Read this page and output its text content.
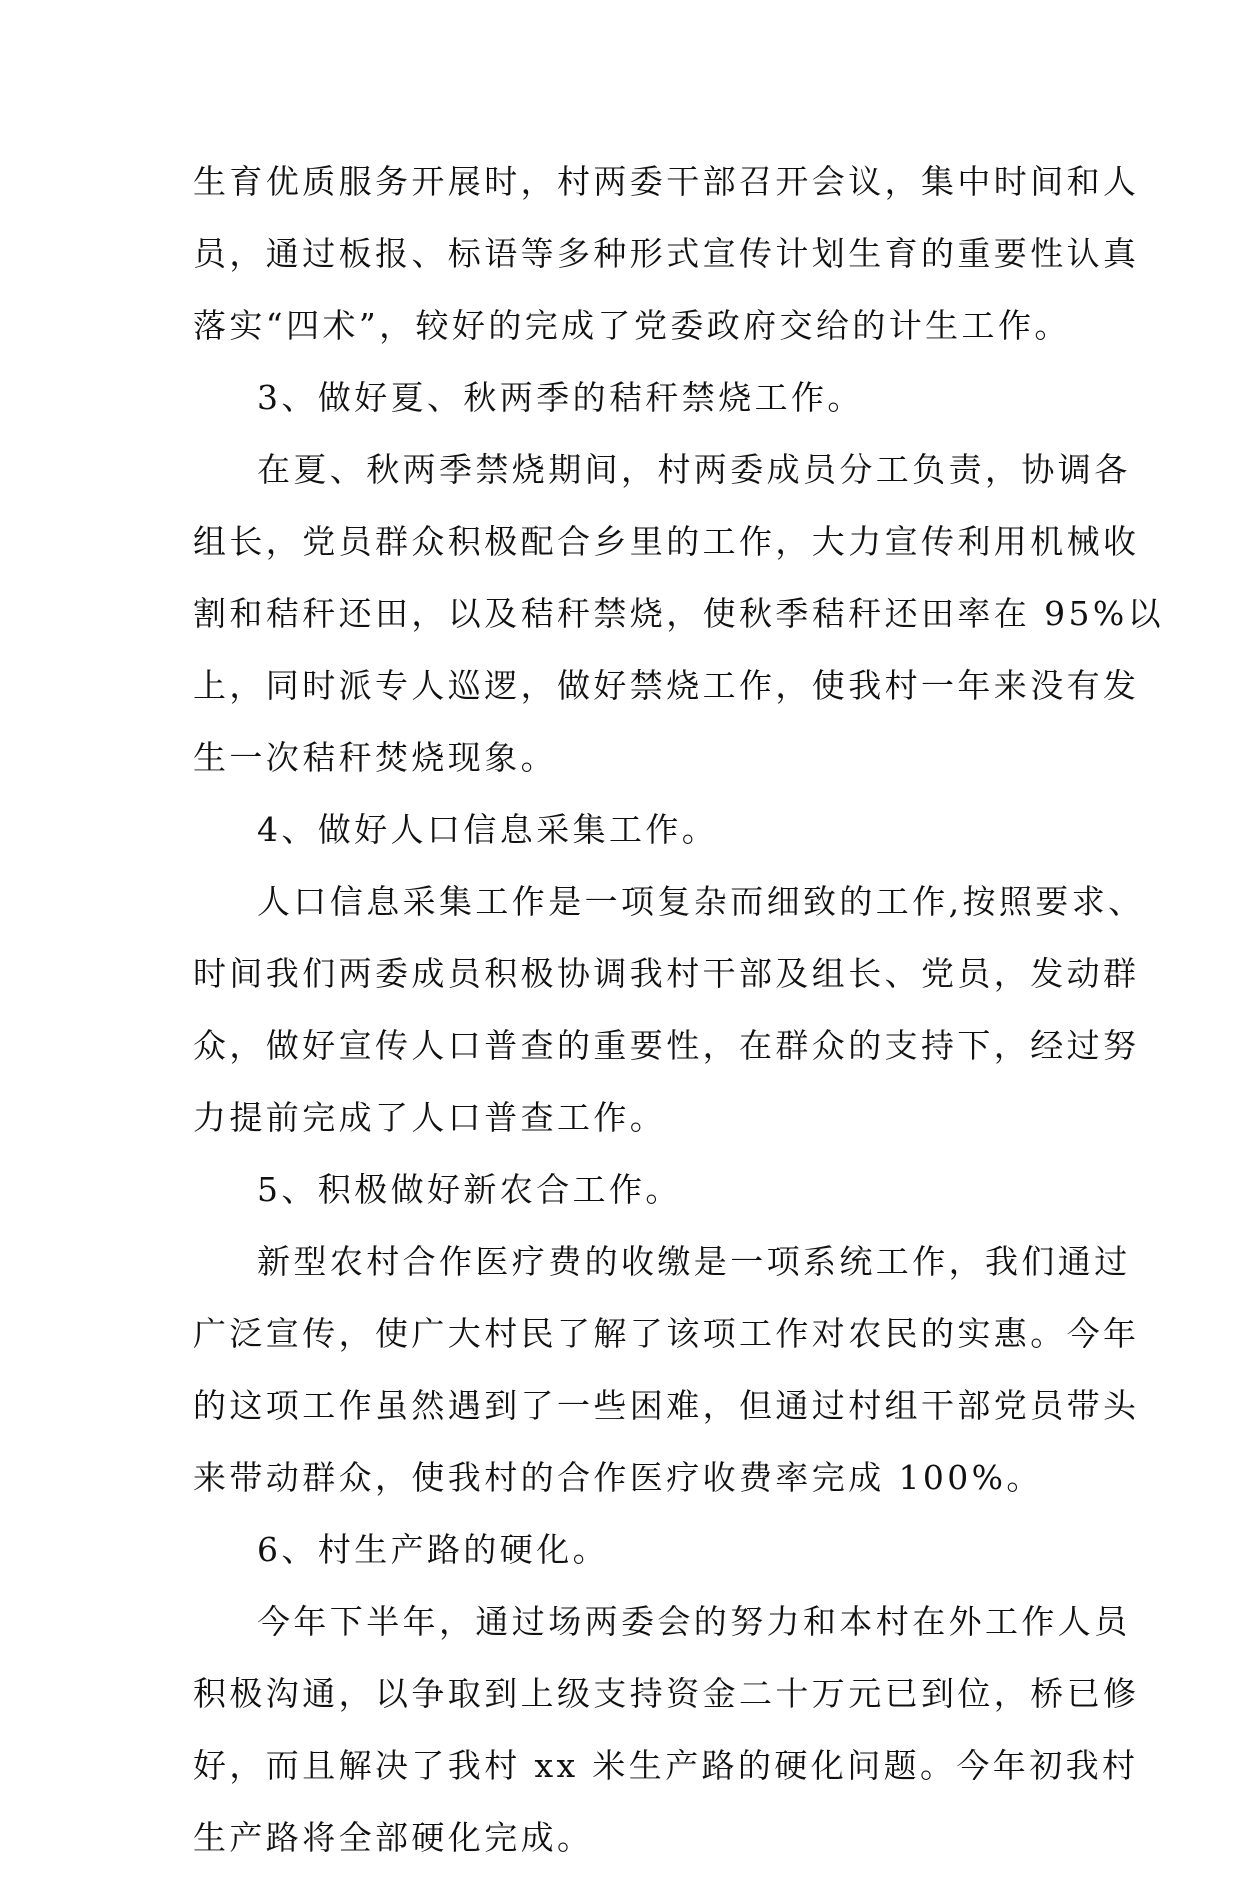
生育优质服务开展时，村两委干部召开会议，集中时间和人
员，通过板报、标语等多种形式宣传计划生育的重要性认真
落实“四术”，较好的完成了党委政府交给的计生工作。
3、做好夏、秋两季的秸秆禁烧工作。
在夏、秋两季禁烧期间，村两委成员分工负责，协调各
组长，党员群众积极配合乡里的工作，大力宣传利用机械收
割和秸秆还田，以及秸秆禁烧，使秋季秸秆还田率在 95%以
上，同时派专人巡逻，做好禁烧工作，使我村一年来没有发
生一次秸秆焚烧现象。
4、做好人口信息采集工作。
人口信息采集工作是一项复杂而细致的工作,按照要求、
时间我们两委成员积极协调我村干部及组长、党员，发动群
众，做好宣传人口普查的重要性，在群众的支持下，经过努
力提前完成了人口普查工作。
5、积极做好新农合工作。
新型农村合作医疗费的收缴是一项系统工作，我们通过
广泛宣传，使广大村民了解了该项工作对农民的实惠。今年
的这项工作虽然遇到了一些困难，但通过村组干部党员带头
来带动群众，使我村的合作医疗收费率完成 100%。
6、村生产路的硬化。
今年下半年，通过场两委会的努力和本村在外工作人员
积极沟通，以争取到上级支持资金二十万元已到位，桥已修
好，而且解决了我村 xx 米生产路的硬化问题。今年初我村
生产路将全部硬化完成。
